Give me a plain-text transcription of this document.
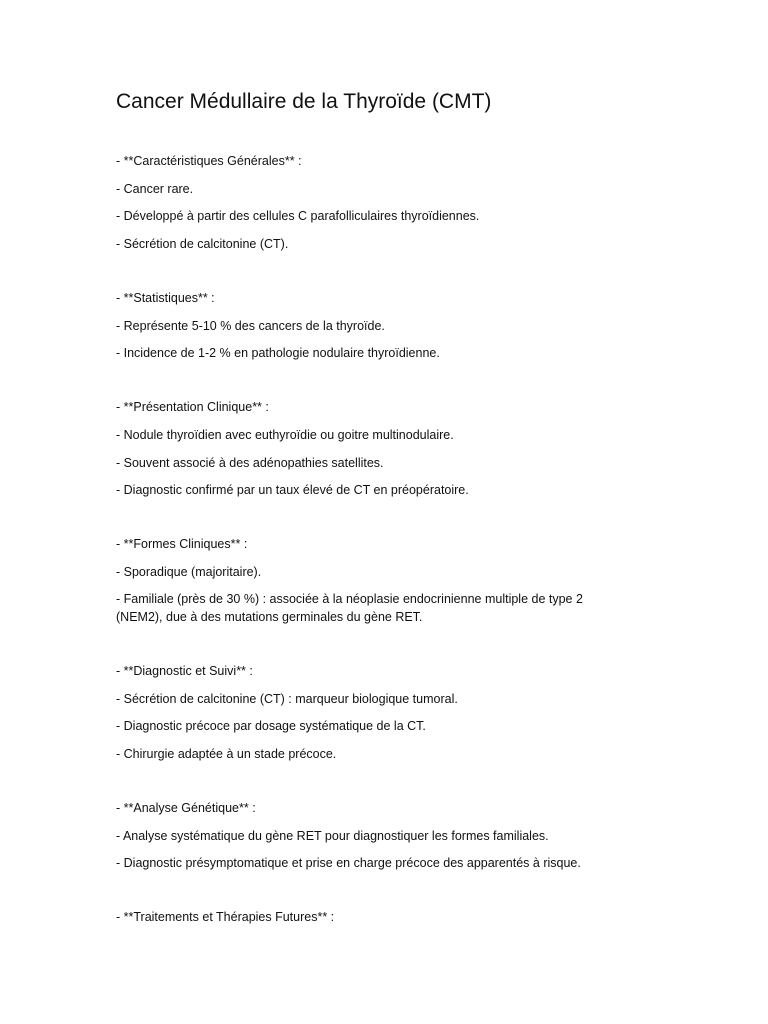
Cancer Médullaire de la Thyroïde (CMT)

- **Caractéristiques Générales** :

- Cancer rare.

- Développé à partir des cellules C parafolliculaires thyroïdiennes.

- Sécrétion de calcitonine (CT).

- **Statistiques** :

- Représente 5-10 % des cancers de la thyroïde.

- Incidence de 1-2 % en pathologie nodulaire thyroïdienne.

- **Présentation Clinique** :

- Nodule thyroïdien avec euthyroïdie ou goitre multinodulaire.

- Souvent associé à des adénopathies satellites.

- Diagnostic confirmé par un taux élevé de CT en préopératoire.

- **Formes Cliniques** :

- Sporadique (majoritaire).

- Familiale (près de 30 %) : associée à la néoplasie endocrinienne multiple de type 2 (NEM2), due à des mutations germinales du gène RET.

- **Diagnostic et Suivi** :

- Sécrétion de calcitonine (CT) : marqueur biologique tumoral.

- Diagnostic précoce par dosage systématique de la CT.

- Chirurgie adaptée à un stade précoce.

- **Analyse Génétique** :

- Analyse systématique du gène RET pour diagnostiquer les formes familiales.

- Diagnostic présymptomatique et prise en charge précoce des apparentés à risque.

- **Traitements et Thérapies Futures** :
